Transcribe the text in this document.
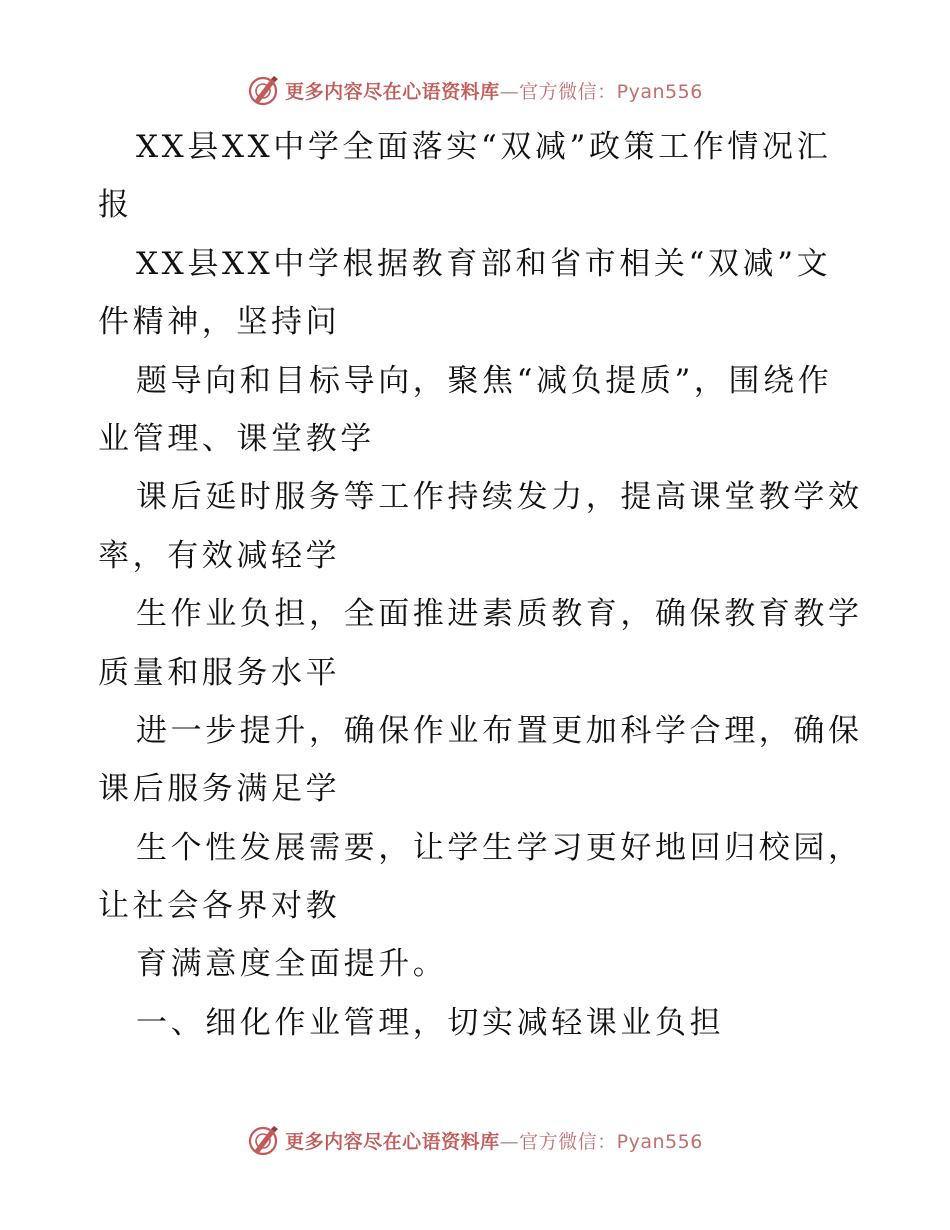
更多内容尽在心语资料库—官方微信：Pyan556
XX县XX中学全面落实“双减”政策工作情况汇
报
XX县XX中学根据教育部和省市相关“双减”文
件精神，坚持问
题导向和目标导向，聚焦“减负提质”，围绕作
业管理、课堂教学
课后延时服务等工作持续发力，提高课堂教学效
率，有效减轻学
生作业负担，全面推进素质教育，确保教育教学
质量和服务水平
进一步提升，确保作业布置更加科学合理，确保
课后服务满足学
生个性发展需要，让学生学习更好地回归校园，
让社会各界对教
育满意度全面提升。
一、细化作业管理，切实减轻课业负担
更多内容尽在心语资料库—官方微信：Pyan556
